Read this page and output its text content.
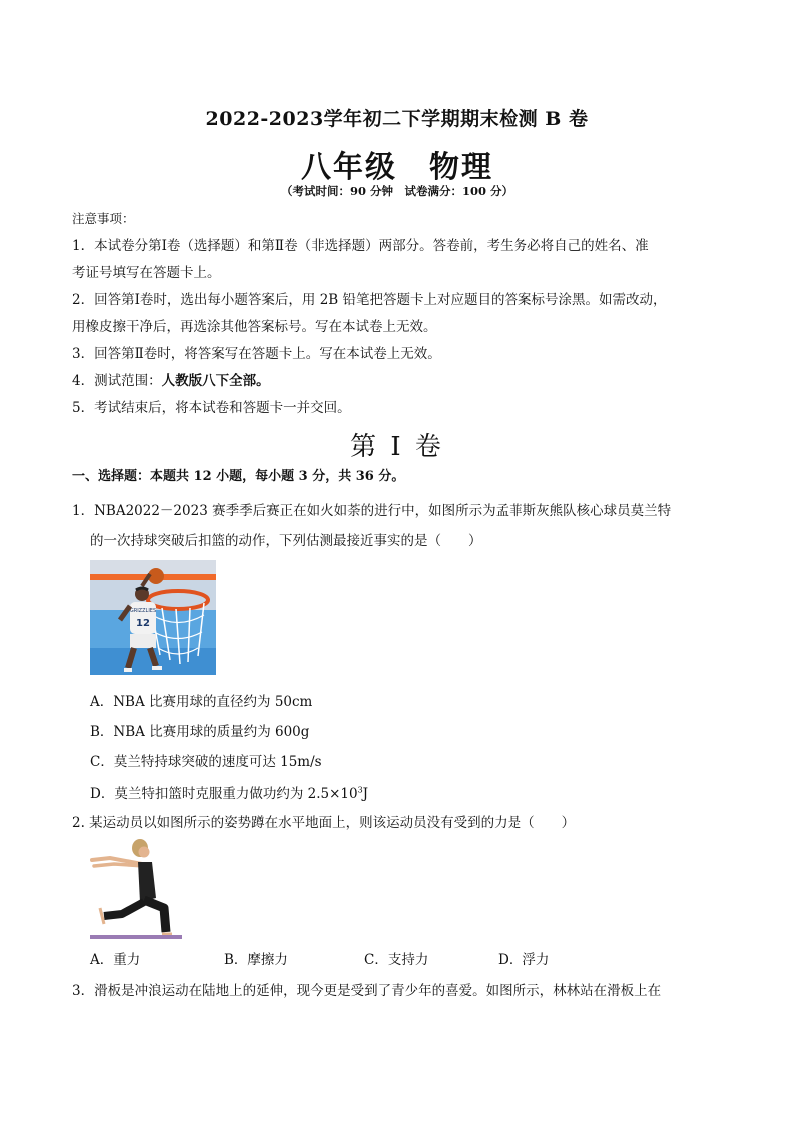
2022-2023学年初二下学期期末检测 B 卷
八年级　物理
（考试时间：90 分钟　试卷满分：100 分）
注意事项：
1．本试卷分第Ⅰ卷（选择题）和第Ⅱ卷（非选择题）两部分。答卷前，考生务必将自己的姓名、准
考证号填写在答题卡上。
2．回答第Ⅰ卷时，选出每小题答案后，用 2B 铅笔把答题卡上对应题目的答案标号涂黑。如需改动，
用橡皮擦干净后，再选涂其他答案标号。写在本试卷上无效。
3．回答第Ⅱ卷时，将答案写在答题卡上。写在本试卷上无效。
4．测试范围：人教版八下全部。
5．考试结束后，将本试卷和答题卡一并交回。
第 I 卷
一、选择题：本题共 12 小题，每小题 3 分，共 36 分。
1．NBA2022－2023 赛季季后赛正在如火如荼的进行中，如图所示为孟菲斯灰熊队核心球员莫兰特
的一次持球突破后扣篮的动作，下列估测最接近事实的是（　　）
GRIZZLIES
12
A．NBA 比赛用球的直径约为 50cm
B．NBA 比赛用球的质量约为 600g
C．莫兰特持球突破的速度可达 15m/s
D．莫兰特扣篮时克服重力做功约为 $2.5\times 10^3J$
2. 某运动员以如图所示的姿势蹲在水平地面上，则该运动员没有受到的力是（　　）
A．重力	B．摩擦力	C．支持力	D．浮力
3．滑板是冲浪运动在陆地上的延伸，现今更是受到了青少年的喜爱。如图所示，林林站在滑板上在
